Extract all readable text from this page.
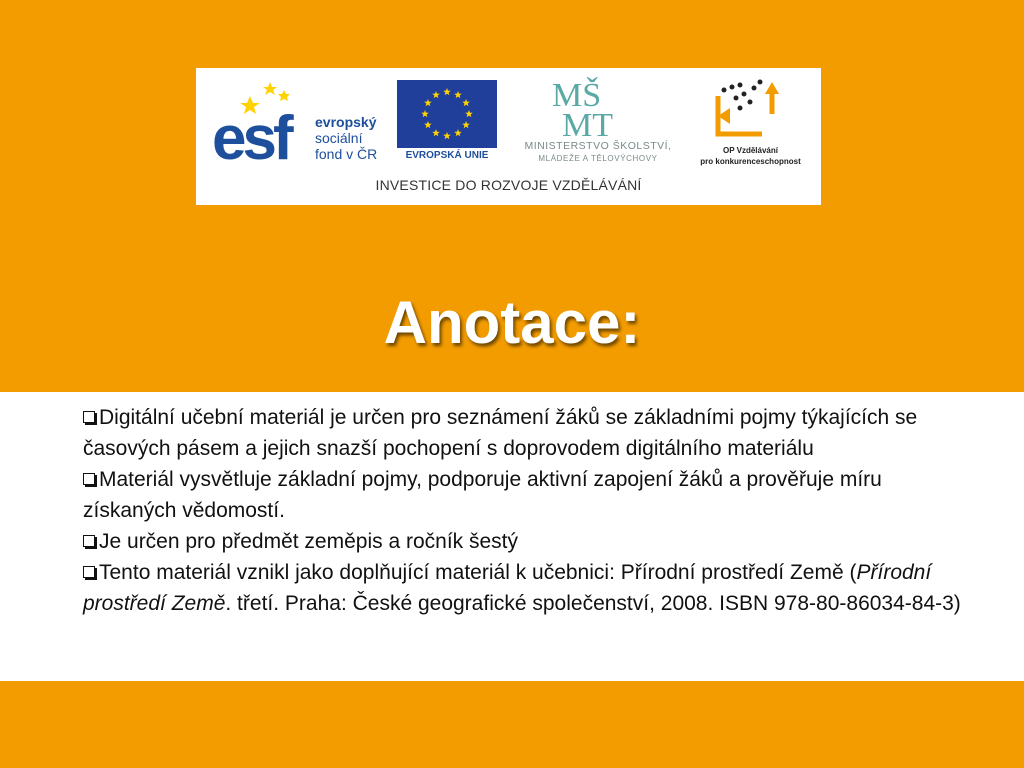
esf evropský
sociální
fond v ČR	EVROPSKÁ UNIE
MŠ
MT
MINISTERSTVO ŠKOLSTVÍ,
MLÁDEŽE A TĚLOVÝCHOVY
OP Vzdělávání
pro konkurenceschopnost
INVESTICE DO ROZVOJE VZDĚLÁVÁNÍ
Anotace:
Digitální učební materiál je určen pro seznámení žáků se základními pojmy týkajících se časových pásem a jejich snazší pochopení s doprovodem digitálního materiálu
Materiál vysvětluje základní pojmy, podporuje aktivní zapojení žáků a prověřuje míru získaných vědomostí.
Je určen pro předmět zeměpis a ročník šestý
Tento materiál vznikl jako doplňující materiál k učebnici: Přírodní prostředí Země (Přírodní prostředí Země. třetí. Praha: České geografické společenství, 2008. ISBN 978-80-86034-84-3)
